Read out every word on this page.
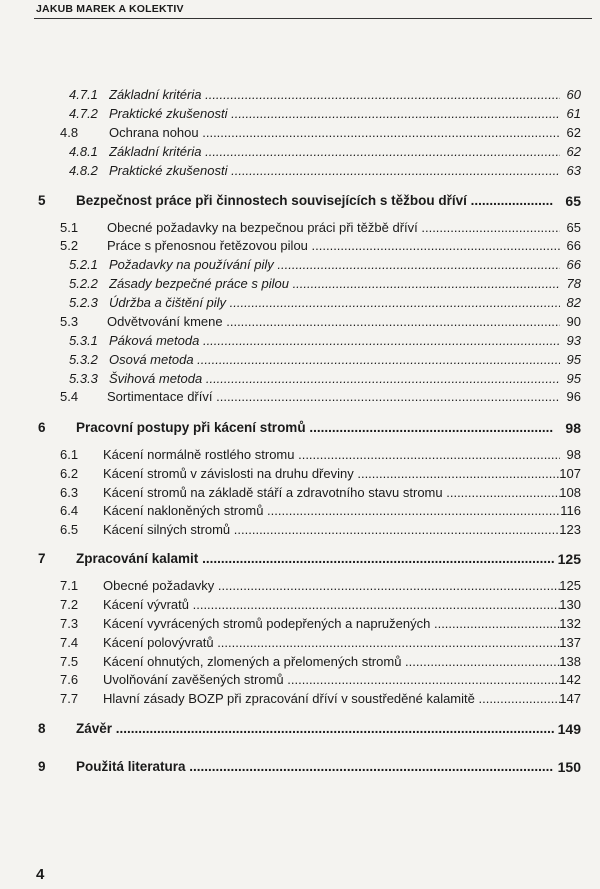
JAKUB MAREK A KOLEKTIV
4.7.1 Základní kritéria .....	60
4.7.2 Praktické zkušenosti .....	61
4.8 Ochrana nohou .....	62
4.8.1 Základní kritéria .....	62
4.8.2 Praktické zkušenosti .....	63
5 Bezpečnost práce při činnostech souvisejících s těžbou dříví .....	65
5.1 Obecné požadavky na bezpečnou práci při těžbě dříví .....	65
5.2 Práce s přenosnou řetězovou pilou .....	66
5.2.1 Požadavky na používání pily .....	66
5.2.2 Zásady bezpečné práce s pilou .....	78
5.2.3 Údržba a čištění pily .....	82
5.3 Odvětvování kmene .....	90
5.3.1 Páková metoda .....	93
5.3.2 Osová metoda .....	95
5.3.3 Švihová metoda .....	95
5.4 Sortimentace dříví .....	96
6 Pracovní postupy při kácení stromů .....	98
6.1 Kácení normálně rostlého stromu .....	98
6.2 Kácení stromů v závislosti na druhu dřeviny .....	107
6.3 Kácení stromů na základě stáří a zdravotního stavu stromu .....	108
6.4 Kácení nakloněných stromů .....	116
6.5 Kácení silných stromů .....	123
7 Zpracování kalamit .....	125
7.1 Obecné požadavky .....	125
7.2 Kácení vývratů .....	130
7.3 Kácení vyvrácených stromů podepřených a napružených .....	132
7.4 Kácení polovývratů .....	137
7.5 Kácení ohnutých, zlomených a přelomených stromů .....	138
7.6 Uvolňování zavěšených stromů .....	142
7.7 Hlavní zásady BOZP při zpracování dříví v soustředěné kalamitě .....	147
8 Závěr .....	149
9 Použitá literatura .....	150
4
